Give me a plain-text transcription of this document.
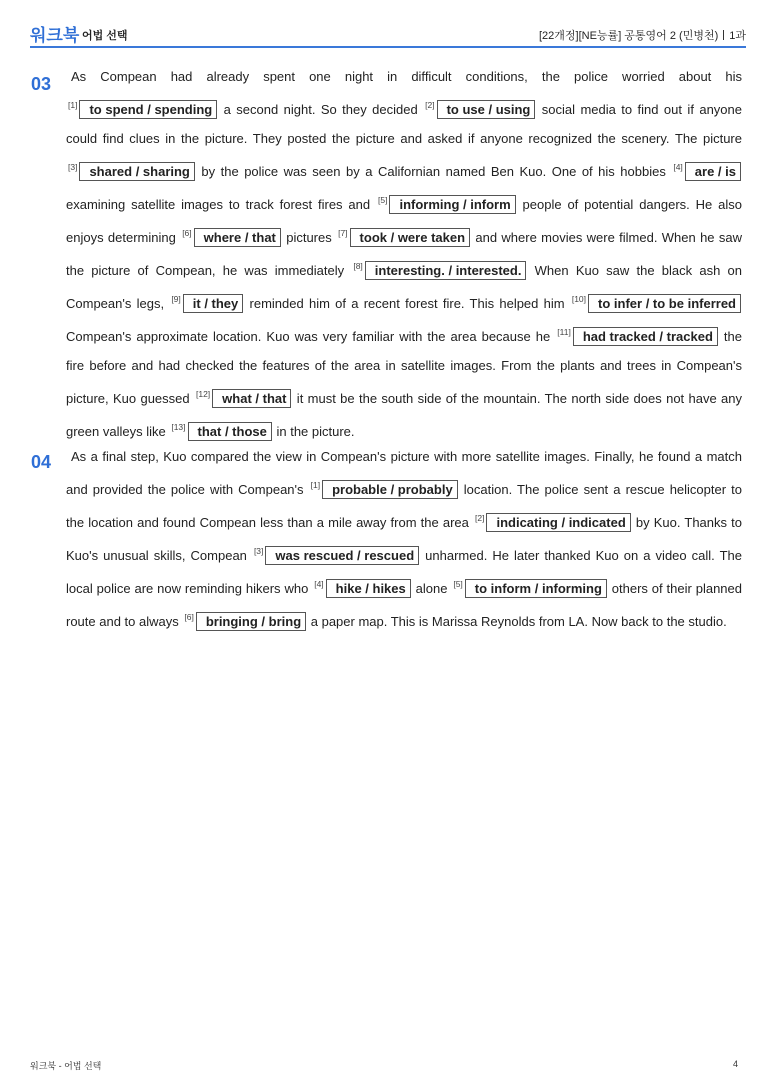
워크북 어법 선택	[22개정][NE능률] 공통영어 2 (민병천) 1과
03	As Compean had already spent one night in difficult conditions, the police worried about his [1] to spend / spending a second night. So they decided [2] to use / using social media to find out if anyone could find clues in the picture. They posted the picture and asked if anyone recognized the scenery. The picture [3] shared / sharing by the police was seen by a Californian named Ben Kuo. One of his hobbies [4] are / is examining satellite images to track forest fires and [5] informing / inform people of potential dangers. He also enjoys determining [6] where / that pictures [7] took / were taken and where movies were filmed. When he saw the picture of Compean, he was immediately [8] interesting. / interested. When Kuo saw the black ash on Compean's legs, [9] it / they reminded him of a recent forest fire. This helped him [10] to infer / to be inferred Compean's approximate location. Kuo was very familiar with the area because he [11] had tracked / tracked the fire before and had checked the features of the area in satellite images. From the plants and trees in Compean's picture, Kuo guessed [12] what / that it must be the south side of the mountain. The north side does not have any green valleys like [13] that / those in the picture.
04	As a final step, Kuo compared the view in Compean's picture with more satellite images. Finally, he found a match and provided the police with Compean's [1] probable / probably location. The police sent a rescue helicopter to the location and found Compean less than a mile away from the area [2] indicating / indicated by Kuo. Thanks to Kuo's unusual skills, Compean [3] was rescued / rescued unharmed. He later thanked Kuo on a video call. The local police are now reminding hikers who [4] hike / hikes alone [5] to inform / informing others of their planned route and to always [6] bringing / bring a paper map. This is Marissa Reynolds from LA. Now back to the studio.
워크북 - 어법 선택	4
